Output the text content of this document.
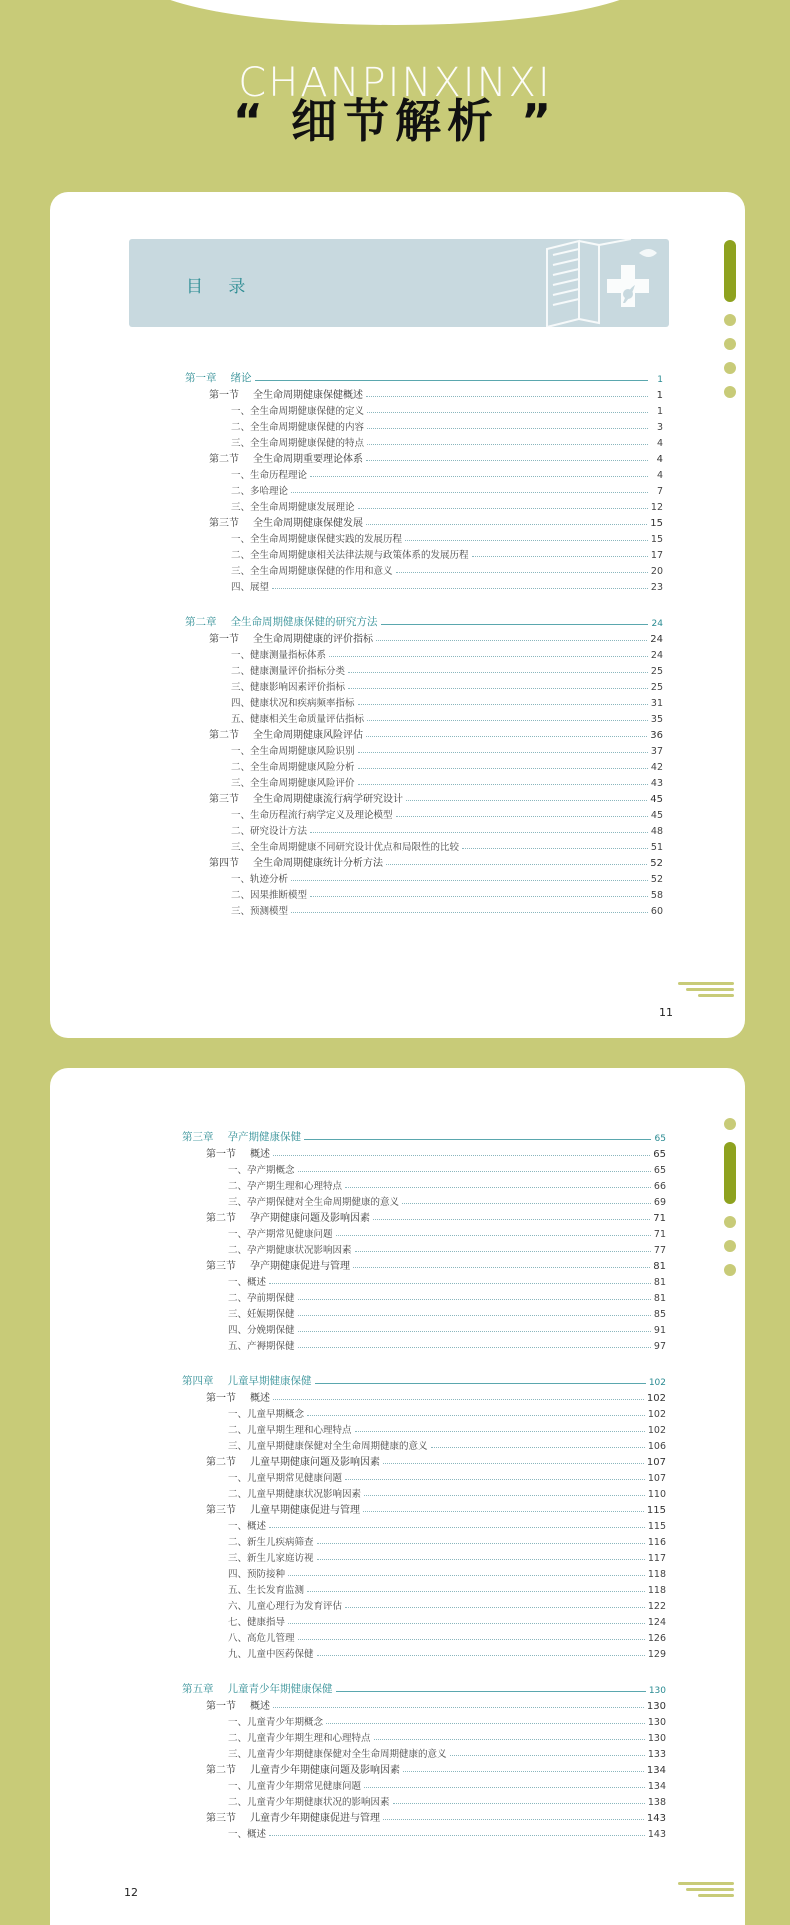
CHANPINXINXI
“ 细节解析 ”
目 录
第一章 绪论	1
第一节 全生命周期健康保健概述	1
一、全生命周期健康保健的定义	1
二、全生命周期健康保健的内容	3
三、全生命周期健康保健的特点	4
第二节 全生命周期重要理论体系	4
一、生命历程理论	4
二、多哈理论	7
三、全生命周期健康发展理论	12
第三节 全生命周期健康保健发展	15
一、全生命周期健康保健实践的发展历程	15
二、全生命周期健康相关法律法规与政策体系的发展历程	17
三、全生命周期健康保健的作用和意义	20
四、展望	23
第二章 全生命周期健康保健的研究方法	24
第一节 全生命周期健康的评价指标	24
一、健康测量指标体系	24
二、健康测量评价指标分类	25
三、健康影响因素评价指标	25
四、健康状况和疾病频率指标	31
五、健康相关生命质量评估指标	35
第二节 全生命周期健康风险评估	36
一、全生命周期健康风险识别	37
二、全生命周期健康风险分析	42
三、全生命周期健康风险评价	43
第三节 全生命周期健康流行病学研究设计	45
一、生命历程流行病学定义及理论模型	45
二、研究设计方法	48
三、全生命周期健康不同研究设计优点和局限性的比较	51
第四节 全生命周期健康统计分析方法	52
一、轨迹分析	52
二、因果推断模型	58
三、预测模型	60
11
第三章 孕产期健康保健	65
第一节 概述	65
一、孕产期概念	65
二、孕产期生理和心理特点	66
三、孕产期保健对全生命周期健康的意义	69
第二节 孕产期健康问题及影响因素	71
一、孕产期常见健康问题	71
二、孕产期健康状况影响因素	77
第三节 孕产期健康促进与管理	81
一、概述	81
二、孕前期保健	81
三、妊娠期保健	85
四、分娩期保健	91
五、产褥期保健	97
第四章 儿童早期健康保健	102
第一节 概述	102
一、儿童早期概念	102
二、儿童早期生理和心理特点	102
三、儿童早期健康保健对全生命周期健康的意义	106
第二节 儿童早期健康问题及影响因素	107
一、儿童早期常见健康问题	107
二、儿童早期健康状况影响因素	110
第三节 儿童早期健康促进与管理	115
一、概述	115
二、新生儿疾病筛查	116
三、新生儿家庭访视	117
四、预防接种	118
五、生长发育监测	118
六、儿童心理行为发育评估	122
七、健康指导	124
八、高危儿管理	126
九、儿童中医药保健	129
第五章 儿童青少年期健康保健	130
第一节 概述	130
一、儿童青少年期概念	130
二、儿童青少年期生理和心理特点	130
三、儿童青少年期健康保健对全生命周期健康的意义	133
第二节 儿童青少年期健康问题及影响因素	134
一、儿童青少年期常见健康问题	134
二、儿童青少年期健康状况的影响因素	138
第三节 儿童青少年期健康促进与管理	143
一、概述	143
12
